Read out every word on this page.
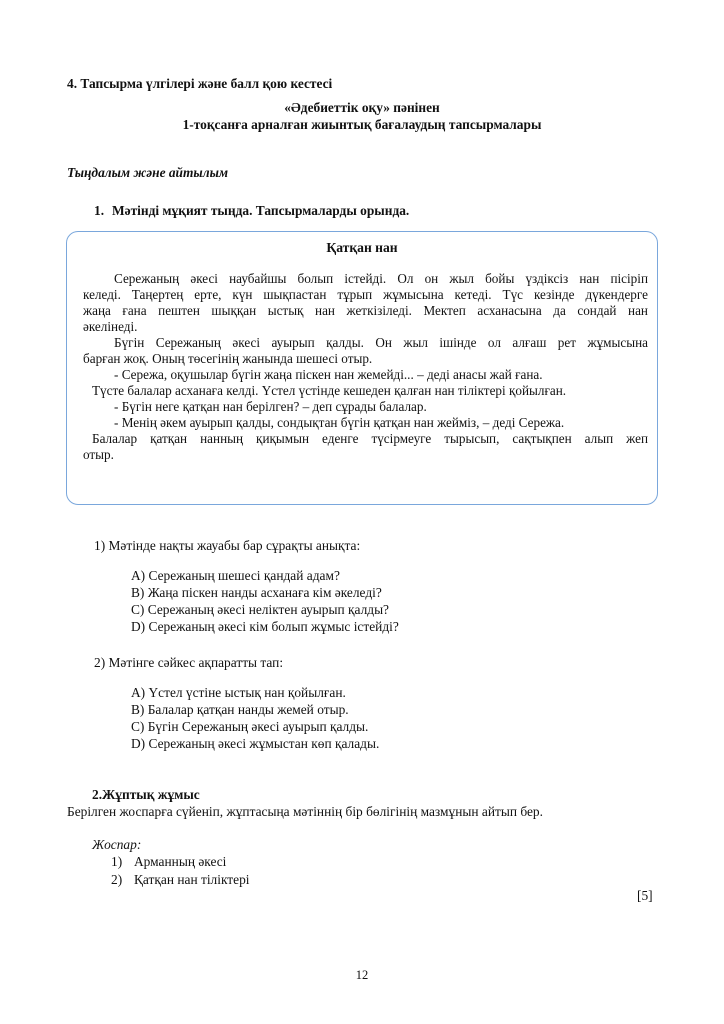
4. Тапсырма үлгілері және балл қою кестесі
«Әдебиеттік оқу» пәнінен
1-тоқсанға арналған жиынтық бағалаудың тапсырмалары
Тыңдалым және айтылым
1. Мәтінді мұқият тыңда. Тапсырмаларды орында.
Қатқан нан
Сережаның әкесі наубайшы болып істейді. Ол он жыл бойы үздіксіз нан пісіріп
келеді. Таңертең ерте, күн шықпастан тұрып жұмысына кетеді. Түс кезінде дүкендерге
жаңа ғана пештен шыққан ыстық нан жеткізіледі. Мектеп асханасына да сондай нан
әкелінеді.
Бүгін Сережаның әкесі ауырып қалды. Он жыл ішінде ол алғаш рет жұмысына
барған жоқ. Оның төсегінің жанында шешесі отыр.
- Сережа, оқушылар бүгін жаңа піскен нан жемейді... – деді анасы жай ғана.
Түсте балалар асханаға келді. Үстел үстінде кешеден қалған нан тіліктері қойылған.
- Бүгін неге қатқан нан берілген? – деп сұрады балалар.
- Менің әкем ауырып қалды, сондықтан бүгін қатқан нан жейміз, – деді Сережа.
Балалар қатқан нанның қиқымын еденге түсірмеуге тырысып, сақтықпен алып жеп
отыр.
1) Мәтінде нақты жауабы бар сұрақты анықта:
A) Сережаның шешесі қандай адам?
B) Жаңа піскен нанды асханаға кім әкеледі?
C) Сережаның әкесі неліктен ауырып қалды?
D) Сережаның әкесі кім болып жұмыс істейді?
2) Мәтінге сәйкес ақпаратты тап:
A) Үстел үстіне ыстық нан қойылған.
B) Балалар қатқан нанды жемей отыр.
C) Бүгін Сережаның әкесі ауырып қалды.
D) Сережаның әкесі жұмыстан көп қалады.
2.Жұптық жұмыс
Берілген жоспарға сүйеніп, жұптасыңа мәтіннің бір бөлігінің мазмұнын айтып бер.
Жоспар:
1) Арманның әкесі
2) Қатқан нан тіліктері
[5]
12
